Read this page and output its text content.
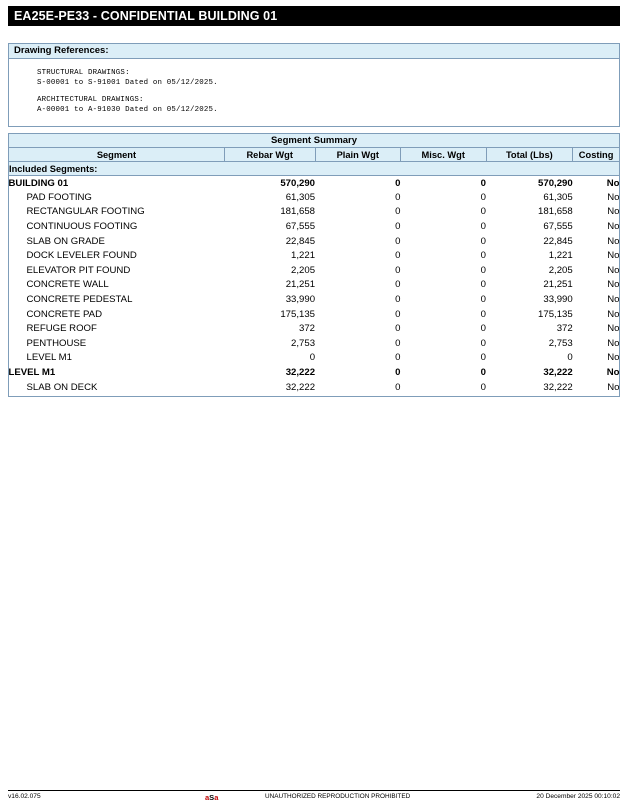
EA25E-PE33 - CONFIDENTIAL BUILDING 01
Drawing References:
STRUCTURAL DRAWINGS:
S-00001 to S-91001 Dated on 05/12/2025.
ARCHITECTURAL DRAWINGS:
A-00001 to A-91030 Dated on 05/12/2025.
Segment Summary					
Segment	Rebar Wgt	Plain Wgt	Misc. Wgt	Total (Lbs)	Costing
Included Segments:					
BUILDING 01	570,290	0	0	570,290	No
PAD FOOTING	61,305	0	0	61,305	No
RECTANGULAR FOOTING	181,658	0	0	181,658	No
CONTINUOUS FOOTING	67,555	0	0	67,555	No
SLAB ON GRADE	22,845	0	0	22,845	No
DOCK LEVELER FOUND	1,221	0	0	1,221	No
ELEVATOR PIT FOUND	2,205	0	0	2,205	No
CONCRETE WALL	21,251	0	0	21,251	No
CONCRETE PEDESTAL	33,990	0	0	33,990	No
CONCRETE PAD	175,135	0	0	175,135	No
REFUGE ROOF	372	0	0	372	No
PENTHOUSE	2,753	0	0	2,753	No
LEVEL M1	0	0	0	0	No
LEVEL M1	32,222	0	0	32,222	No
SLAB ON DECK	32,222	0	0	32,222	No
v16.02.075	aSa	UNAUTHORIZED REPRODUCTION PROHIBITED	20 December 2025 00:10:02
